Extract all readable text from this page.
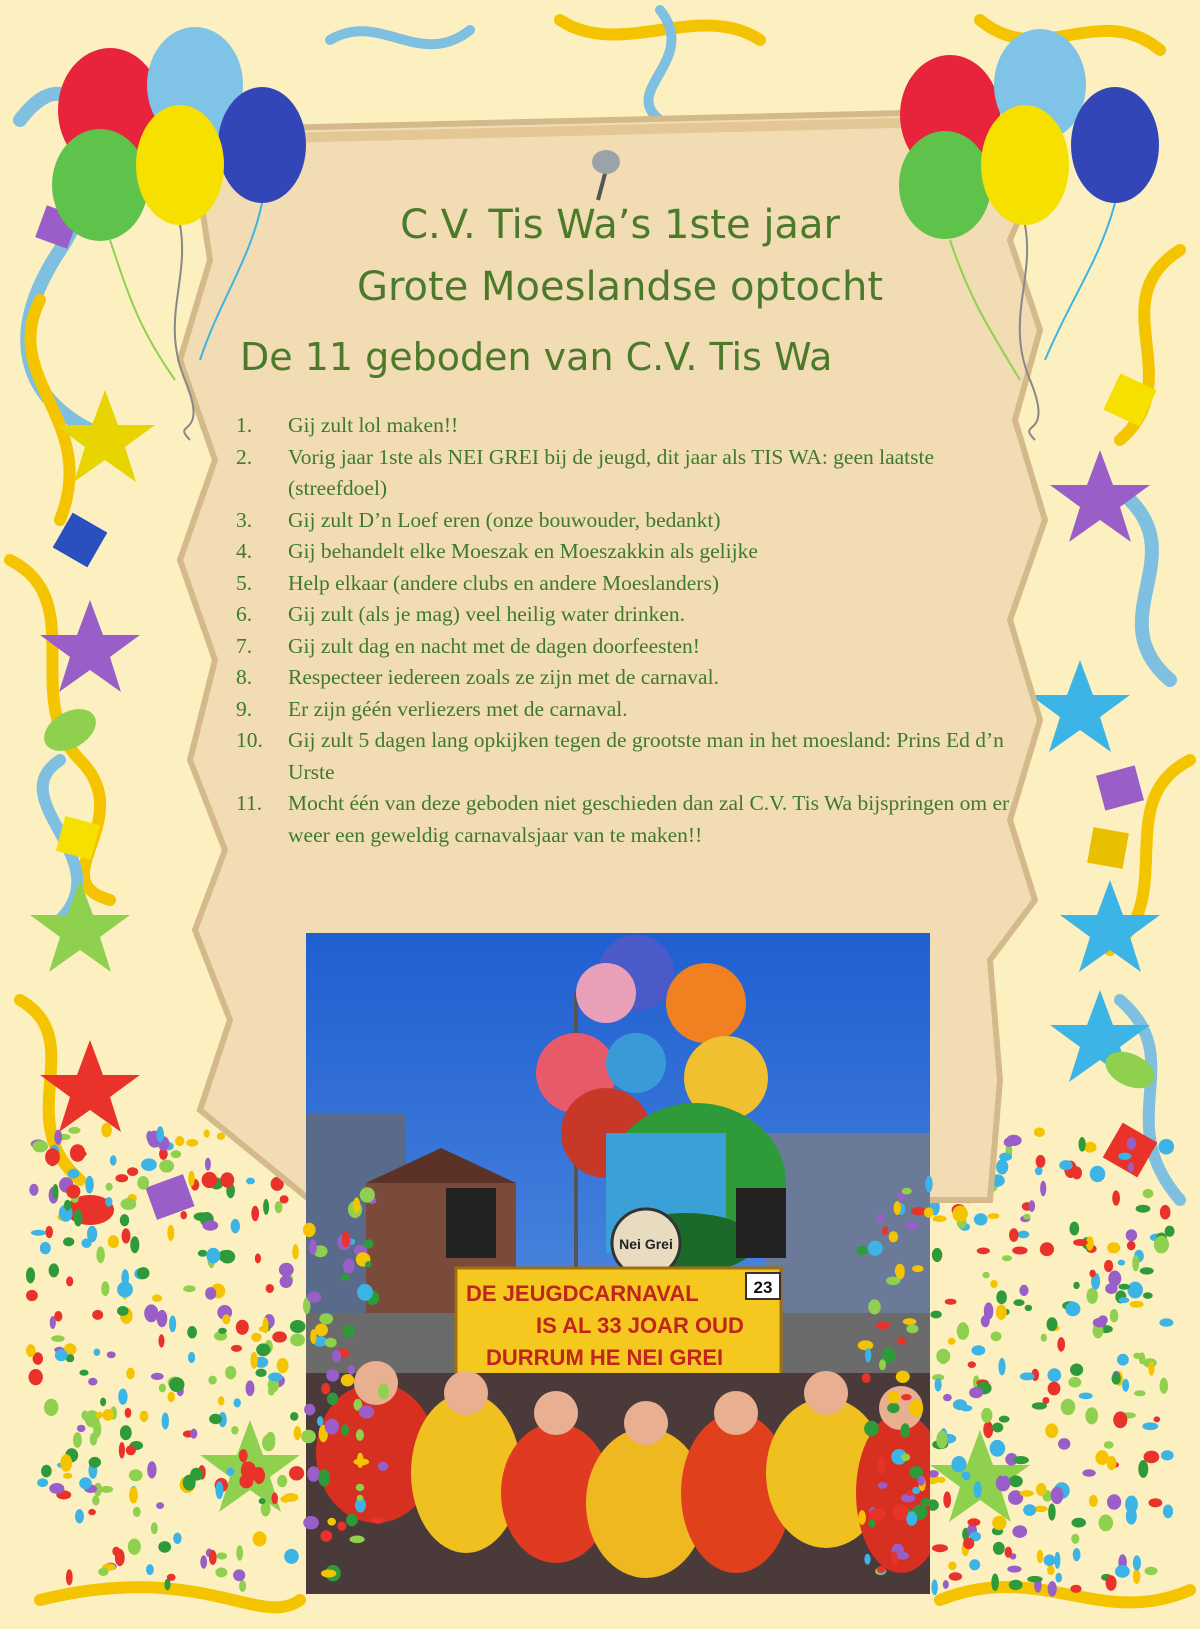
C.V. Tis Wa’s 1ste jaar
Grote Moeslandse optocht
De 11 geboden van C.V. Tis Wa
1.	Gij zult lol maken!!
2.	Vorig jaar 1ste als NEI GREI bij de jeugd, dit jaar als TIS WA: geen laatste (streefdoel)
3.	Gij zult D’n Loef eren (onze bouwouder, bedankt)
4.	Gij behandelt elke Moeszak en Moeszakkin als gelijke
5.	Help elkaar (andere clubs en andere Moeslanders)
6.	Gij zult (als je mag) veel heilig water drinken.
7.	Gij zult dag en nacht met de dagen doorfeesten!
8.	Respecteer iedereen zoals ze zijn met de carnaval.
9.	Er zijn géén verliezers met de carnaval.
10.	Gij zult 5 dagen lang opkijken tegen de grootste man in het moesland: Prins Ed d’n Urste
11.	Mocht één van deze geboden niet geschieden dan zal C.V. Tis Wa bijspringen om er weer een geweldig carnavalsjaar van te maken!!
Nei Grei
DE JEUGDCARNAVAL
IS AL 33 JOAR OUD
DURRUM HE NEI GREI
23
